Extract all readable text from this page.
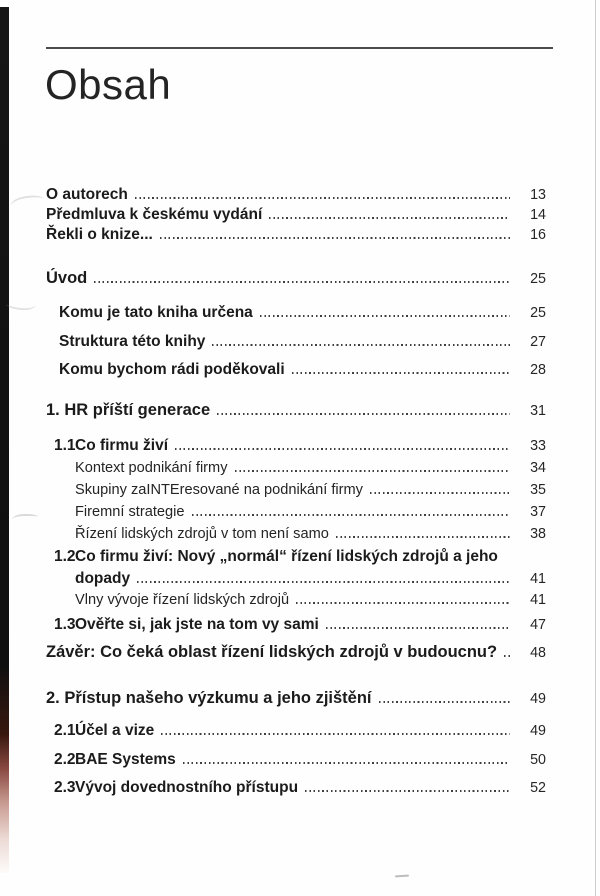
Obsah
O autorech	13
Předmluva k českému vydání	14
Řekli o knize...	16
Úvod	25
Komu je tato kniha určena	25
Struktura této knihy	27
Komu bychom rádi poděkovali	28
1. HR příští generace	31
1.1 Co firmu živí	33
Kontext podnikání firmy	34
Skupiny zaINTEresované na podnikání firmy	35
Firemní strategie	37
Řízení lidských zdrojů v tom není samo	38
1.2 Co firmu živí: Nový „normál“ řízení lidských zdrojů a jeho
dopady	41
Vlny vývoje řízení lidských zdrojů	41
1.3 Ověřte si, jak jste na tom vy sami	47
Závěr: Co čeká oblast řízení lidských zdrojů v budoucnu?	48
2. Přístup našeho výzkumu a jeho zjištění	49
2.1 Účel a vize	49
2.2 BAE Systems	50
2.3 Vývoj dovednostního přístupu	52
